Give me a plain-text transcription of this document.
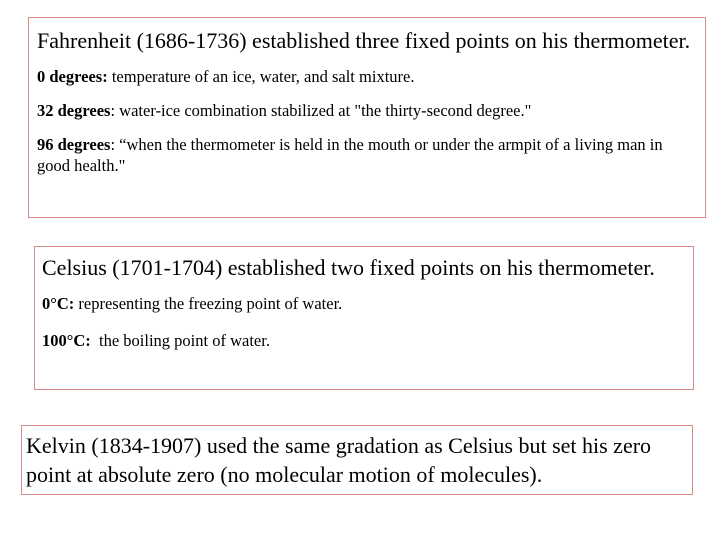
Fahrenheit (1686-1736) established three fixed points on his thermometer.

0 degrees: temperature of an ice, water, and salt mixture.

32 degrees: water-ice combination stabilized at "the thirty-second degree."

96 degrees: “when the thermometer is held in the mouth or under the armpit of a living man in good health."

Celsius (1701-1704) established two fixed points on his thermometer.

0°C: representing the freezing point of water.

100°C:  the boiling point of water.

Kelvin (1834-1907) used the same gradation as Celsius but set his zero point at absolute zero (no molecular motion of molecules).
